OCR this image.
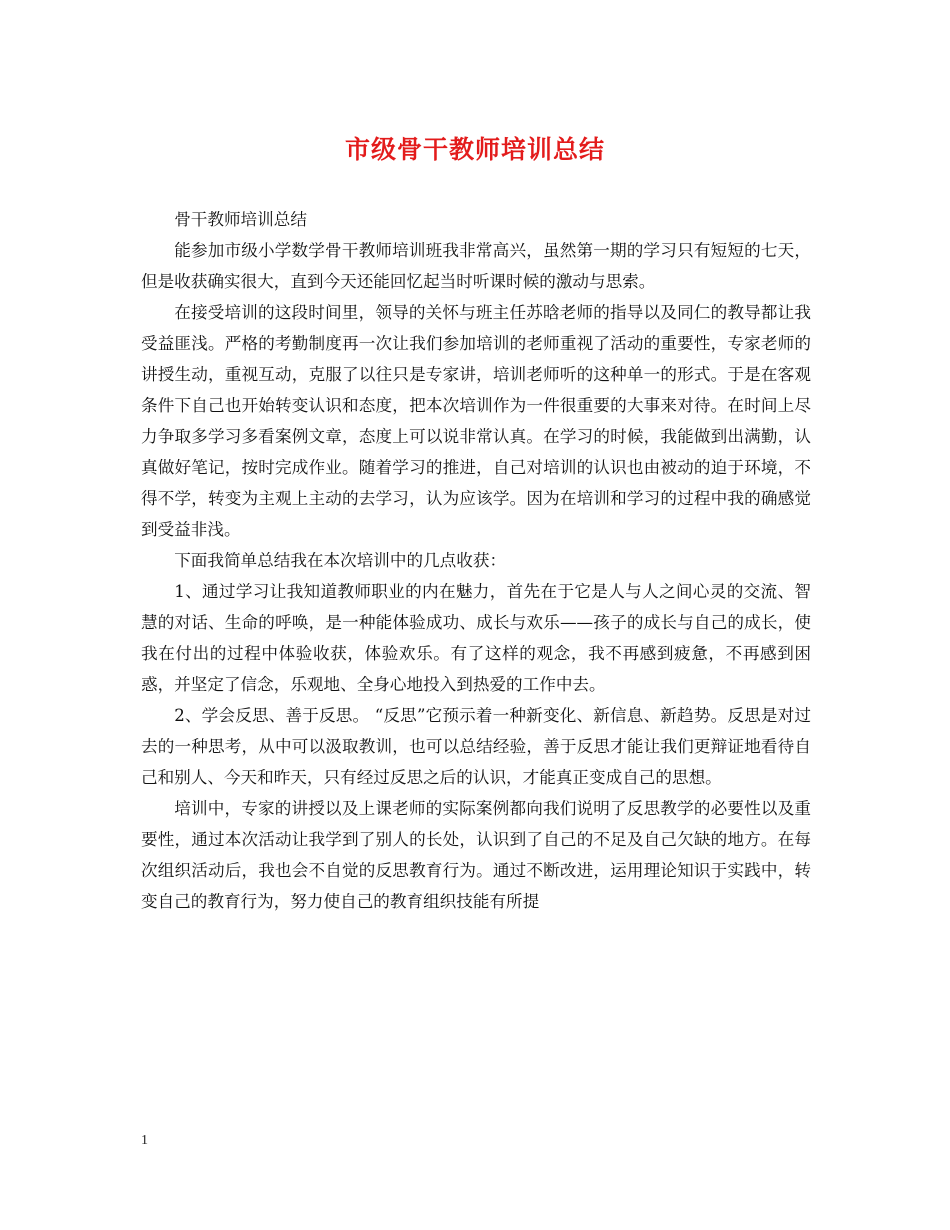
市级骨干教师培训总结

骨干教师培训总结

能参加市级小学数学骨干教师培训班我非常高兴，虽然第一期的学习只有短短的七天，但是收获确实很大，直到今天还能回忆起当时听课时候的激动与思索。

在接受培训的这段时间里，领导的关怀与班主任苏晗老师的指导以及同仁的教导都让我受益匪浅。严格的考勤制度再一次让我们参加培训的老师重视了活动的重要性，专家老师的讲授生动，重视互动，克服了以往只是专家讲，培训老师听的这种单一的形式。于是在客观条件下自己也开始转变认识和态度，把本次培训作为一件很重要的大事来对待。在时间上尽力争取多学习多看案例文章，态度上可以说非常认真。在学习的时候，我能做到出满勤，认真做好笔记，按时完成作业。随着学习的推进，自己对培训的认识也由被动的迫于环境，不得不学，转变为主观上主动的去学习，认为应该学。因为在培训和学习的过程中我的确感觉到受益非浅。

下面我简单总结我在本次培训中的几点收获：

1、通过学习让我知道教师职业的内在魅力，首先在于它是人与人之间心灵的交流、智慧的对话、生命的呼唤，是一种能体验成功、成长与欢乐——孩子的成长与自己的成长，使我在付出的过程中体验收获，体验欢乐。有了这样的观念，我不再感到疲惫，不再感到困惑，并坚定了信念，乐观地、全身心地投入到热爱的工作中去。

2、学会反思、善于反思。 “反思”它预示着一种新变化、新信息、新趋势。反思是对过去的一种思考，从中可以汲取教训，也可以总结经验，善于反思才能让我们更辩证地看待自己和别人、今天和昨天，只有经过反思之后的认识，才能真正变成自己的思想。

培训中，专家的讲授以及上课老师的实际案例都向我们说明了反思教学的必要性以及重要性，通过本次活动让我学到了别人的长处，认识到了自己的不足及自己欠缺的地方。在每次组织活动后，我也会不自觉的反思教育行为。通过不断改进，运用理论知识于实践中，转变自己的教育行为，努力使自己的教育组织技能有所提

1
